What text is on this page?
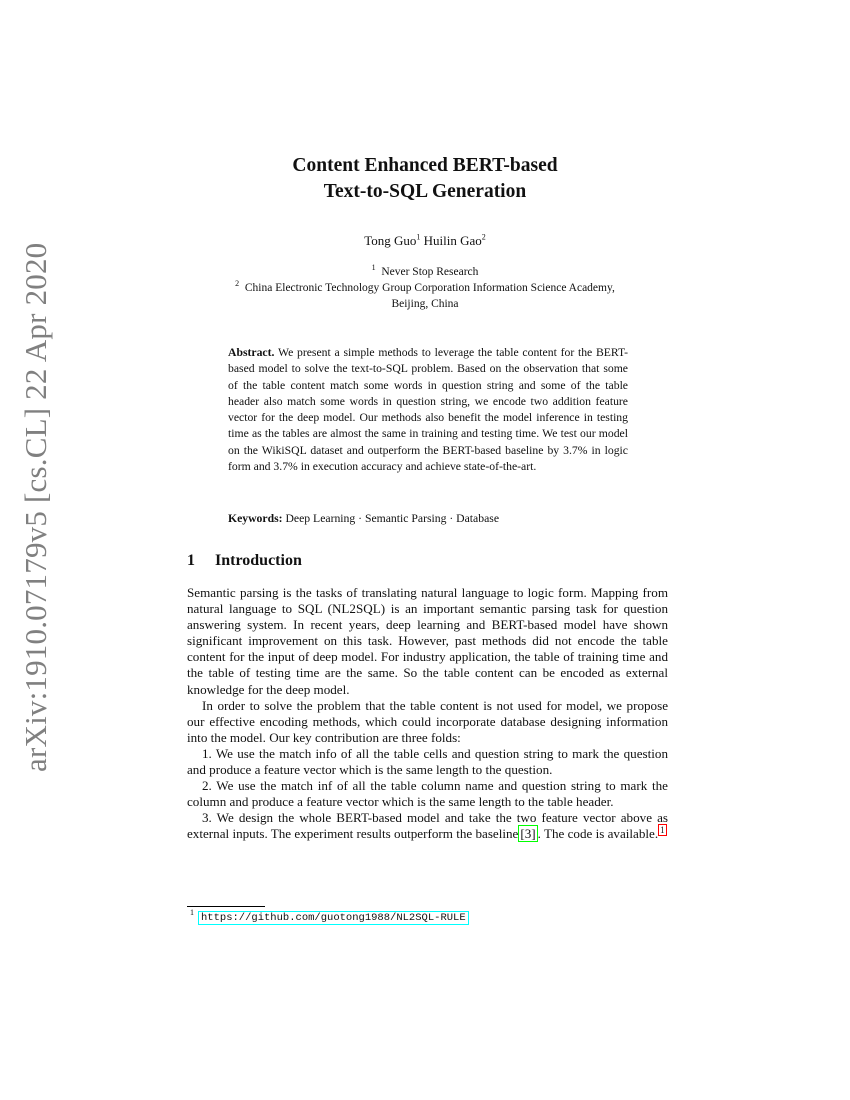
arXiv:1910.07179v5 [cs.CL] 22 Apr 2020
Content Enhanced BERT-based
Text-to-SQL Generation
Tong Guo$^1$ Huilin Gao$^2$
$^1$ Never Stop Research
$^2$ China Electronic Technology Group Corporation Information Science Academy,
Beijing, China
Abstract. We present a simple methods to leverage the table content for the BERT-based model to solve the text-to-SQL problem. Based on the observation that some of the table content match some words in question string and some of the table header also match some words in question string, we encode two addition feature vector for the deep model. Our methods also benefit the model inference in testing time as the tables are almost the same in training and testing time. We test our model on the WikiSQL dataset and outperform the BERT-based baseline by 3.7% in logic form and 3.7% in execution accuracy and achieve state-of-the-art.
Keywords: Deep Learning · Semantic Parsing · Database
1 Introduction

Semantic parsing is the tasks of translating natural language to logic form. Mapping from natural language to SQL (NL2SQL) is an important semantic parsing task for question answering system. In recent years, deep learning and BERT-based model have shown significant improvement on this task. However, past methods did not encode the table content for the input of deep model. For industry application, the table of training time and the table of testing time are the same. So the table content can be encoded as external knowledge for the deep model.

In order to solve the problem that the table content is not used for model, we propose our effective encoding methods, which could incorporate database designing information into the model. Our key contribution are three folds:

1. We use the match info of all the table cells and question string to mark the question and produce a feature vector which is the same length to the question.

2. We use the match inf of all the table column name and question string to mark the column and produce a feature vector which is the same length to the table header.

3. We design the whole BERT-based model and take the two feature vector above as external inputs. The experiment results outperform the baseline [3] . The code is available. $^1$

$^1$ https://github.com/guotong1988/NL2SQL-RULE
